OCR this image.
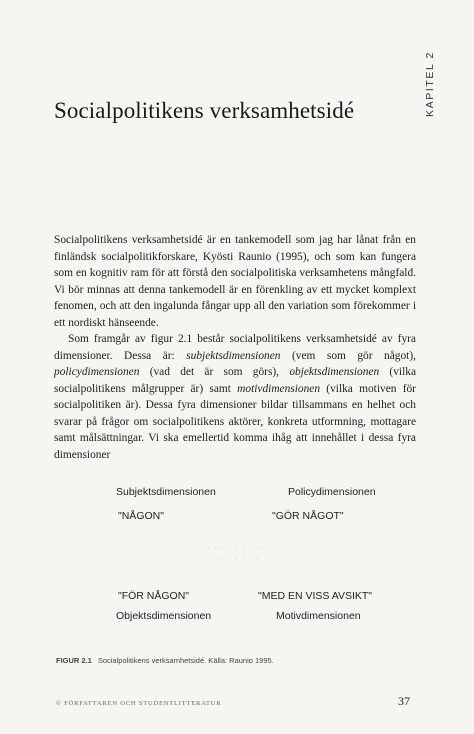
KAPITEL 2
Socialpolitikens verksamhetsidé

Socialpolitikens verksamhetsidé är en tankemodell som jag har lånat från en finländsk socialpolitikforskare, Kyösti Raunio (1995), och som kan fungera som en kognitiv ram för att förstå den socialpolitiska verksamhetens mångfald. Vi bör minnas att denna tankemodell är en förenkling av ett mycket komplext fenomen, och att den ingalunda fångar upp all den variation som förekommer i ett nordiskt hänseende.

Som framgår av figur 2.1 består socialpolitikens verksamhetsidé av fyra dimensioner. Dessa är: subjektsdimensionen (vem som gör något), policydimensionen (vad det är som görs), objektsdimensionen (vilka socialpolitikens målgrupper är) samt motivdimensionen (vilka motiven för socialpolitiken är). Dessa fyra dimensioner bildar tillsammans en helhet och svarar på frågor om socialpolitikens aktörer, konkreta utformning, mottagare samt målsättningar. Vi ska emellertid komma ihåg att innehållet i dessa fyra dimensioner

Subjektsdimensionen	Policydimensionen
"NÅGON"	"GÖR NÅGOT"
· · · · · · · · ·
· · · · · · ·
"FÖR NÅGON"	"MED EN VISS AVSIKT"
Objektsdimensionen	Motivdimensionen
FIGUR 2.1 Socialpolitikens verksamhetsidé. Källa: Raunio 1995.
© FÖRFATTAREN OCH STUDENTLITTERATUR	37
